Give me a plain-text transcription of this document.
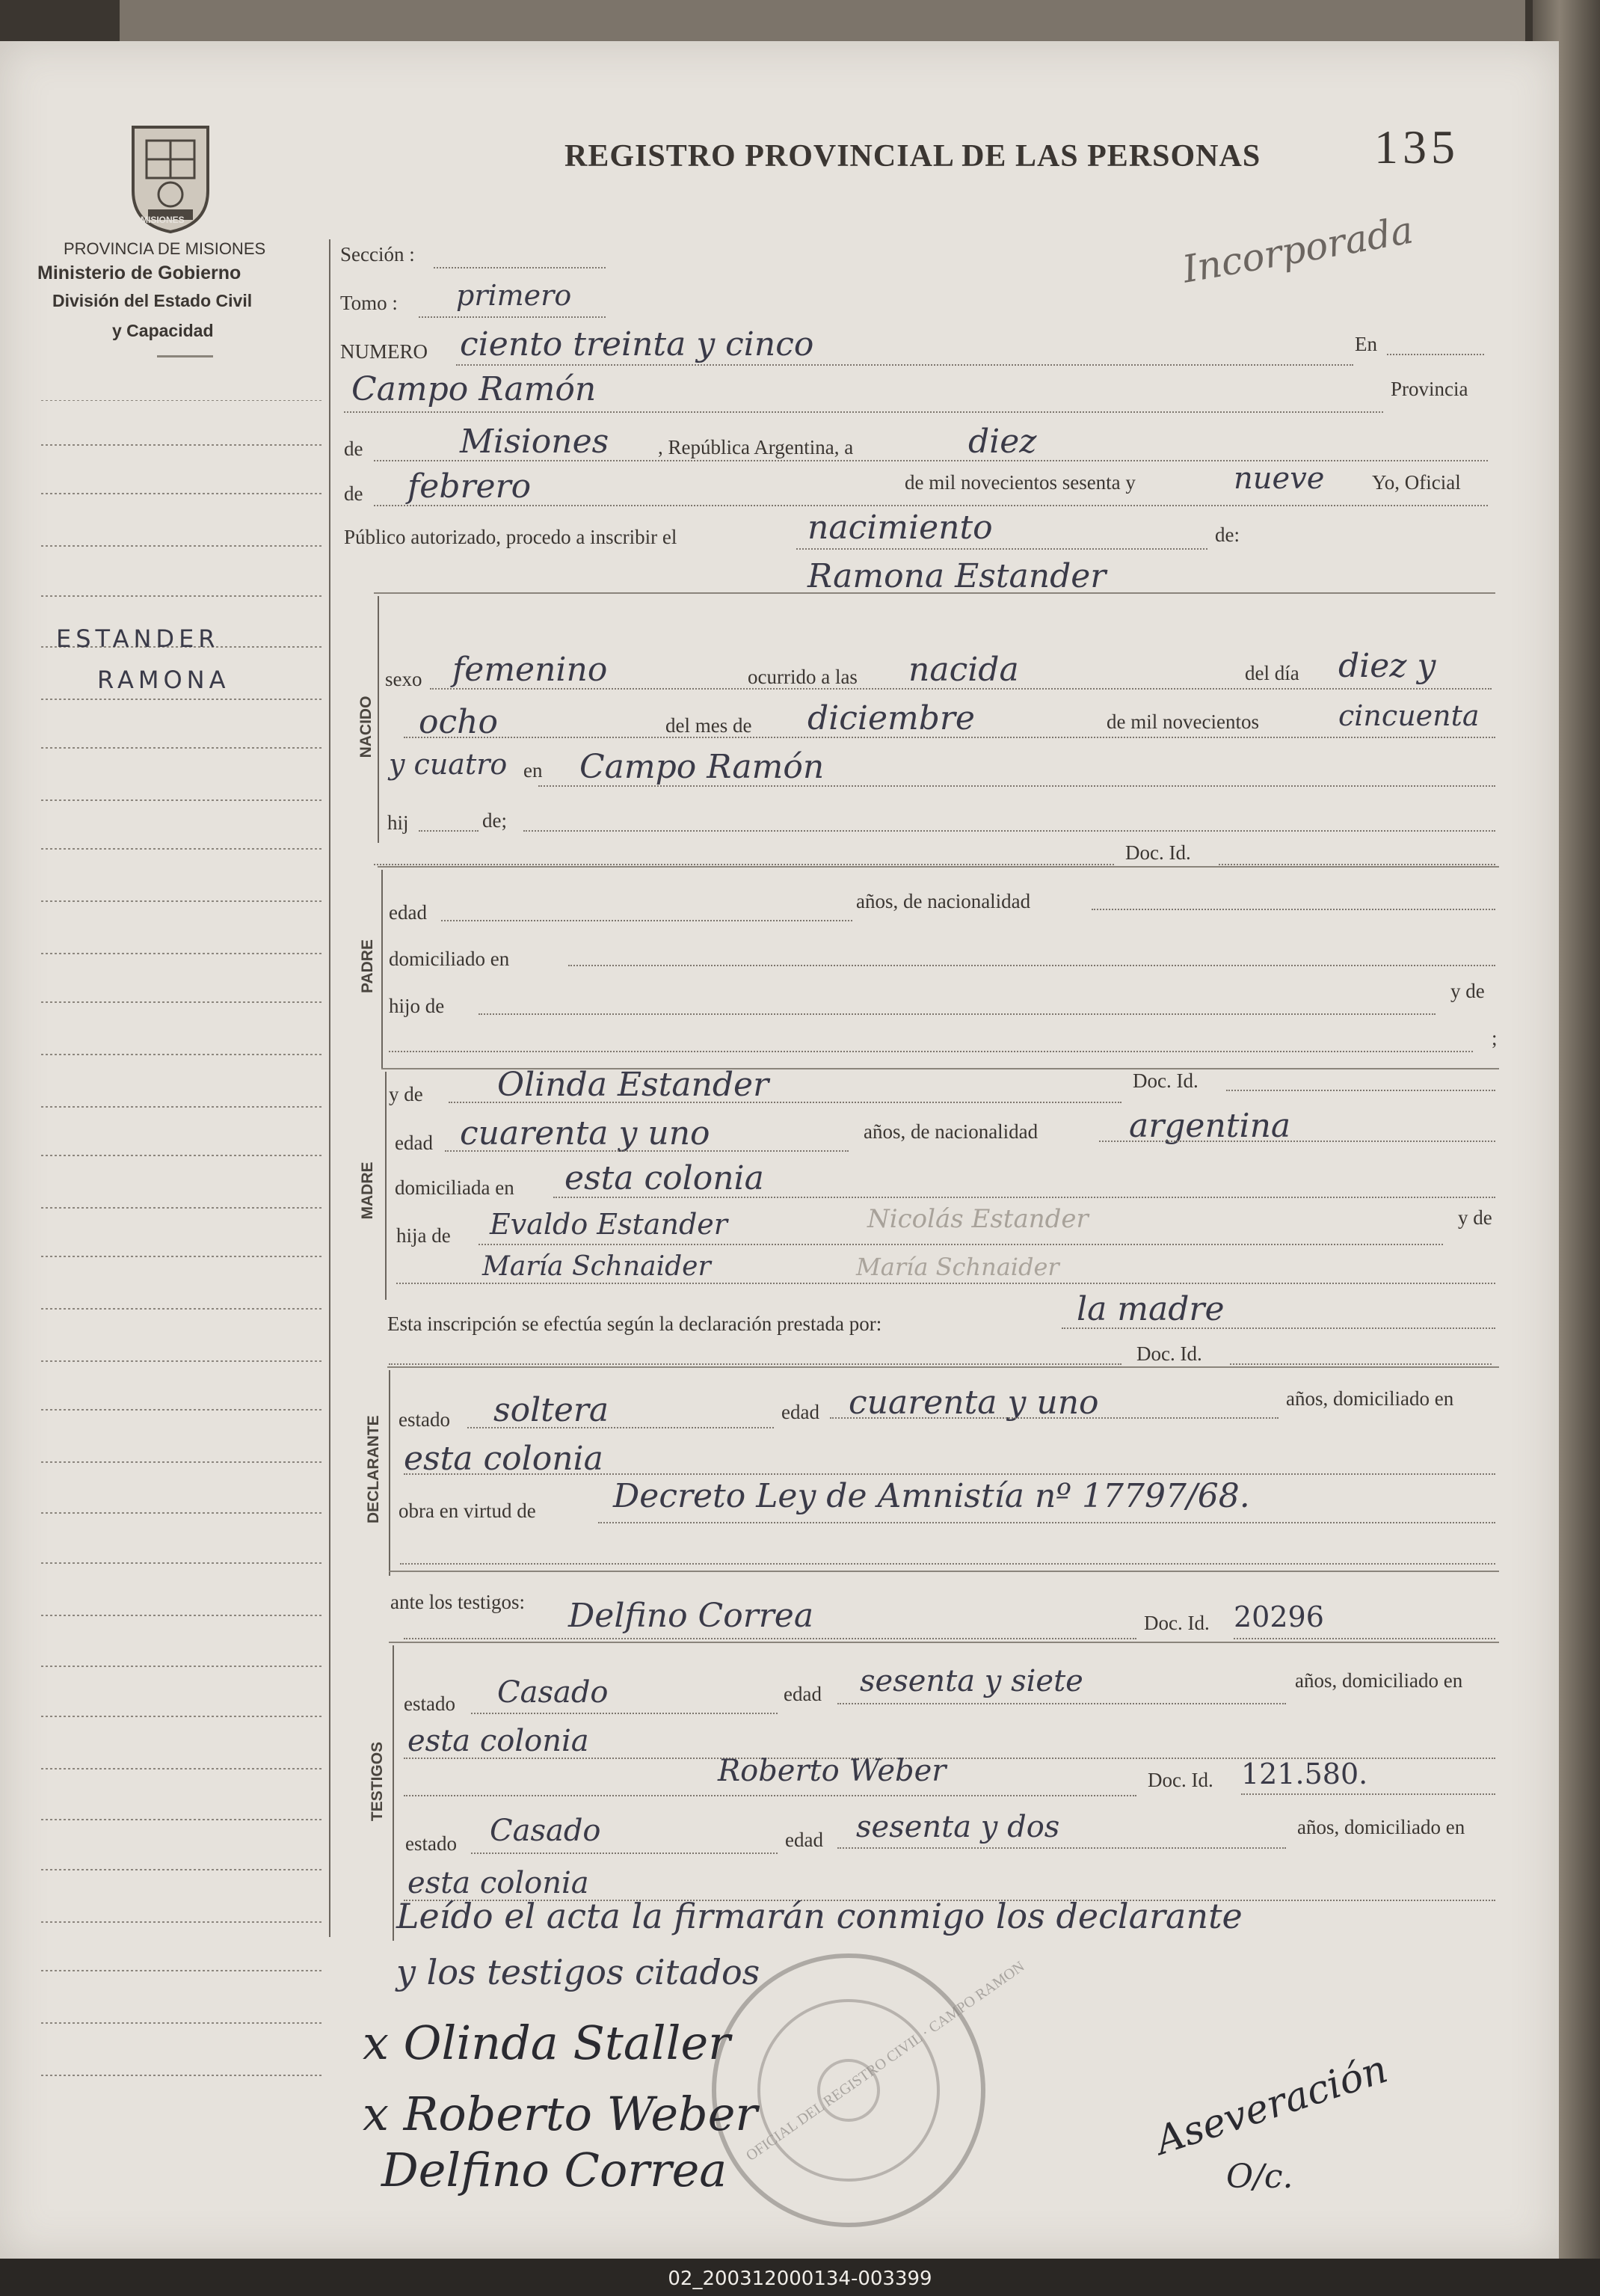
MISIONES
PROVINCIA DE MISIONES
Ministerio de Gobierno
División del Estado Civil
y Capacidad
REGISTRO PROVINCIAL DE LAS PERSONAS 135
Incorporada
ESTANDER
RAMONA
Sección :
Tomo : primero
NUMERO ciento treinta y cinco	En
Campo Ramón	Provincia
de	Misiones , República Argentina, a	diez
de febrero	de mil novecientos sesenta y	nueve Yo, Oficial
Público autorizado, procedo a inscribir el	nacimiento	de:
Ramona Estander
NACIDO
sexo femenino	ocurrido a las nacida	del día diez y
ocho	del mes de diciembre	de mil novecientos	cincuenta
y cuatro en Campo Ramón
hij	de;
Doc. Id.
PADRE
edad	años, de nacionalidad
domiciliado en
hijo de
y de
;
MADRE
y de Olinda Estander	Doc. Id.
edad cuarenta y uno	años, de nacionalidad	argentina
domiciliada en esta colonia
hija de Evaldo Estander	Nicolás Estander	y de
María Schnaider	María Schnaider
Esta inscripción se efectúa según la declaración prestada por:	la madre
Doc. Id.
DECLARANTE estado soltera	edad cuarenta y uno	años, domiciliado en
esta colonia
obra en virtud de Decreto Ley de Amnistía nº 17797/68.
ante los testigos: Delfino Correa	Doc. Id. 20296
TESTIGOS
estado Casado	edad sesenta y siete	años, domiciliado en
esta colonia
Roberto Weber	Doc. Id. 121.580.
estado Casado	edad sesenta y dos	años, domiciliado en
esta colonia
Leído el acta la firmarán conmigo los declarante
y los testigos citados
OFICIAL DEL REGISTRO CIVIL · CAMPO RAMON
x Olinda Staller
x Roberto Weber
Delfino Correa
Aseveración
O/c.
02_200312000134-003399
